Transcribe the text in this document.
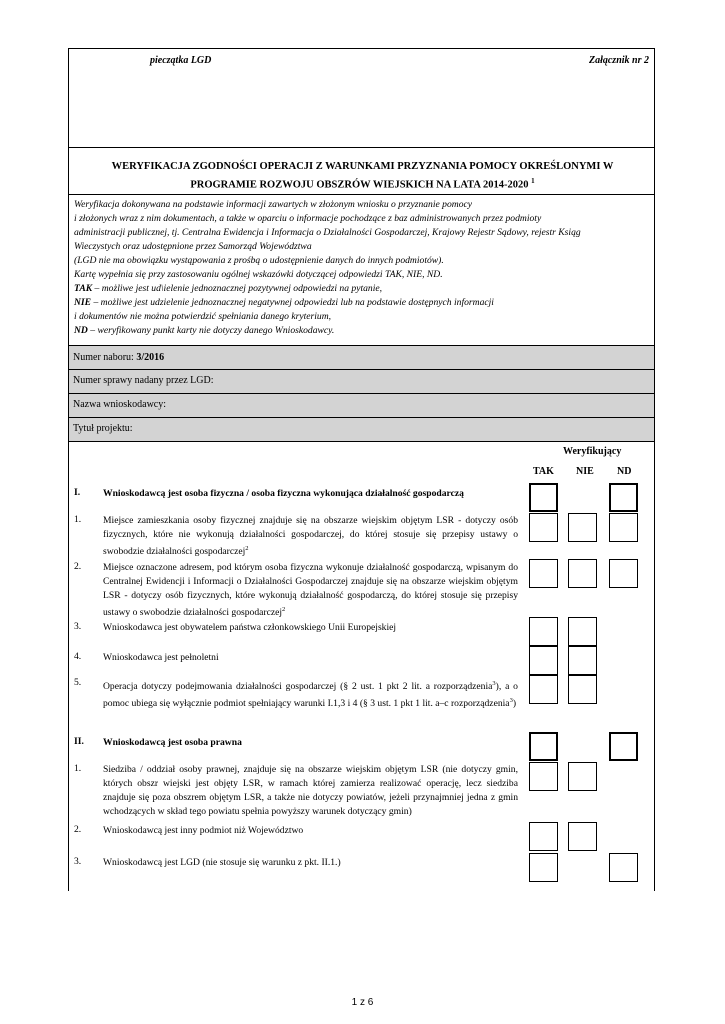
pieczątka LGD	Załącznik nr 2
WERYFIKACJA ZGODNOŚCI OPERACJI Z WARUNKAMI PRZYZNANIA POMOCY OKREŚLONYMI W
PROGRAMIE ROZWOJU OBSZRÓW WIEJSKICH NA LATA 2014-2020 $^1$

Weryfikacja dokonywana na podstawie informacji zawartych w złożonym wniosku o przyznanie pomocy

i złożonych wraz z nim dokumentach, a także w oparciu o informacje pochodzące z baz administrowanych przez podmioty

administracji publicznej, tj. Centralna Ewidencja i Informacja o Działalności Gospodarczej, Krajowy Rejestr Sądowy, rejestr Ksiąg

Wieczystych oraz udostępnione przez Samorząd Województwa

(LGD nie ma obowiązku wystąpowania z prośbą o udostępnienie danych do innych podmiotów).

Kartę wypełnia się przy zastosowaniu ogólnej wskazówki dotyczącej odpowiedzi TAK, NIE, ND.

TAK – możliwe jest ud\ielenie jednoznacznej pozytywnej odpowiedzi na pytanie,

NIE – możliwe jest udzielenie jednoznacznej negatywnej odpowiedzi lub na podstawie dostępnych informacji

i dokumentów nie można potwierdzić spełniania danego kryterium,

ND – weryfikowany punkt karty nie dotyczy danego Wnioskodawcy.

Numer naboru: 3/2016
Numer sprawy nadany przez LGD:
Nazwa wnioskodawcy:
Tytuł projektu:
Weryfikujący
TAK NIE ND
I. Wnioskodawcą jest osoba fizyczna / osoba fizyczna wykonująca działalność gospodarczą
1. Miejsce zamieszkania osoby fizycznej znajduje się na obszarze wiejskim objętym LSR - dotyczy osób fizycznych, które nie wykonują działalności gospodarczej, do której stosuje się przepisy ustawy o swobodzie działalności gospodarczej$^2$
2. Miejsce oznaczone adresem, pod którym osoba fizyczna wykonuje działalność gospodarczą, wpisanym do Centralnej Ewidencji i Informacji o Działalności Gospodarczej znajduje się na obszarze wiejskim objętym LSR - dotyczy osób fizycznych, które wykonują działalność gospodarczą, do której stosuje się przepisy ustawy o swobodzie działalności gospodarczej$^2$
3. Wnioskodawca jest obywatelem państwa członkowskiego Unii Europejskiej
4. Wnioskodawca jest pełnoletni
5. Operacja dotyczy podejmowania działalności gospodarczej (§ 2 ust. 1 pkt 2 lit. a rozporządzenia$^3$), a o pomoc ubiega się wyłącznie podmiot spełniający warunki I.1,3 i 4 (§ 3 ust. 1 pkt 1 lit. a–c rozporządzenia$^3$)
II. Wnioskodawcą jest osoba prawna
1. Siedziba / oddział osoby prawnej, znajduje się na obszarze wiejskim objętym LSR (nie dotyczy gmin, których obszr wiejski jest objęty LSR, w ramach której zamierza realizować operację, lecz siedziba znajduje się poza obszrem objętym LSR, a także nie dotyczy powiatów, jeżeli przynajmniej jedna z gmin wchodzących w skład tego powiatu spełnia powyższy warunek dotyczący gmin)
2. Wnioskodawcą jest inny podmiot niż Województwo
3. Wnioskodawcą jest LGD (nie stosuje się warunku z pkt. II.1.)
1 z 6
